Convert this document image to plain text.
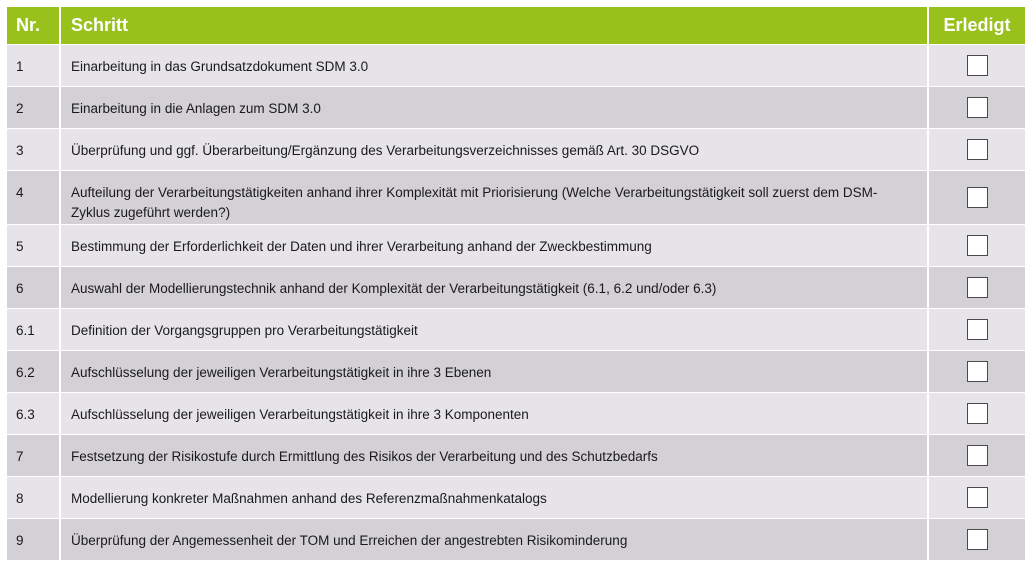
Nr.	Schritt	Erledigt
1	Einarbeitung in das Grundsatzdokument SDM 3.0	
2	Einarbeitung in die Anlagen zum SDM 3.0	
3	Überprüfung und ggf. Überarbeitung/Ergänzung des Verarbeitungsverzeichnisses gemäß Art. 30 DSGVO	
4	Aufteilung der Verarbeitungstätigkeiten anhand ihrer Komplexität mit Priorisierung (Welche Verarbeitungstätigkeit soll zuerst dem DSM-Zyklus zugeführt werden?)	
5	Bestimmung der Erforderlichkeit der Daten und ihrer Verarbeitung anhand der Zweckbestimmung	
6	Auswahl der Modellierungstechnik anhand der Komplexität der Verarbeitungstätigkeit (6.1, 6.2 und/oder 6.3)	
6.1	Definition der Vorgangsgruppen pro Verarbeitungstätigkeit	
6.2	Aufschlüsselung der jeweiligen Verarbeitungstätigkeit in ihre 3 Ebenen	
6.3	Aufschlüsselung der jeweiligen Verarbeitungstätigkeit in ihre 3 Komponenten	
7	Festsetzung der Risikostufe durch Ermittlung des Risikos der Verarbeitung und des Schutzbedarfs	
8	Modellierung konkreter Maßnahmen anhand des Referenzmaßnahmenkatalogs	
9	Überprüfung der Angemessenheit der TOM und Erreichen der angestrebten Risikominderung	
